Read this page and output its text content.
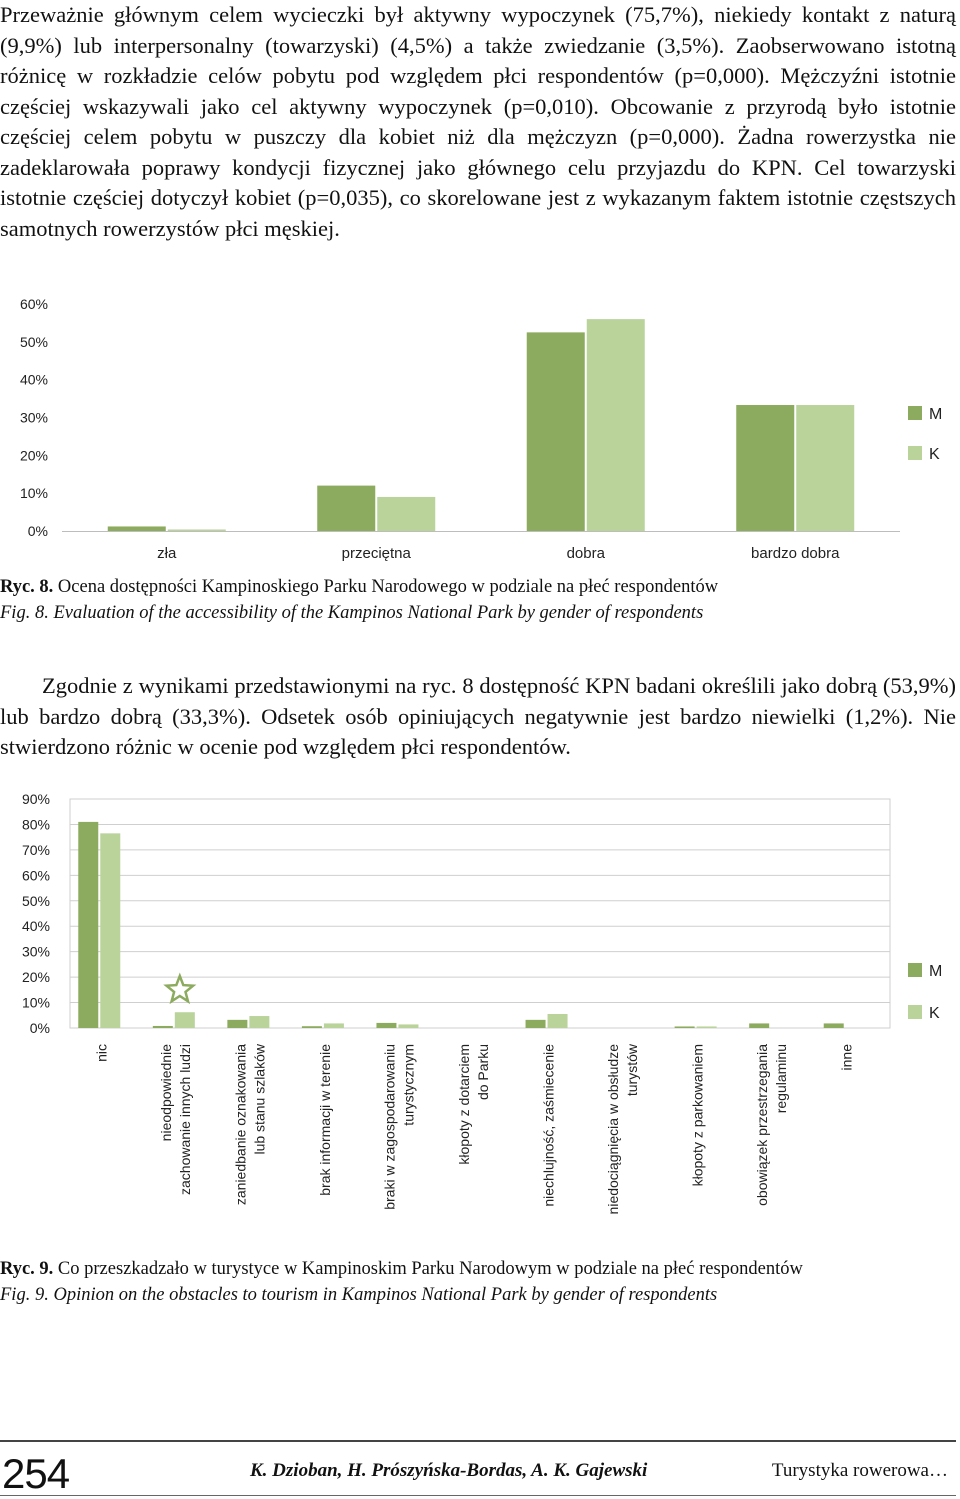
Przeważnie głównym celem wycieczki był aktywny wypoczynek (75,7%), niekiedy kontakt z naturą (9,9%) lub interpersonalny (towarzyski) (4,5%) a także zwiedzanie (3,5%). Zaobserwowano istotną różnicę w rozkładzie celów pobytu pod względem płci respondentów (p=0,000). Mężczyźni istotnie częściej wskazywali jako cel aktywny wypoczynek (p=0,010). Obcowanie z przyrodą było istotnie częściej celem pobytu w puszczy dla kobiet niż dla mężczyzn (p=0,000). Żadna rowerzystka nie zadeklarowała poprawy kondycji fizycznej jako głównego celu przyjazdu do KPN. Cel towarzyski istotnie częściej dotyczył kobiet (p=0,035), co skorelowane jest z wykazanym faktem istotnie częstszych samotnych rowerzystów płci męskiej.

0%
10%
20%
30%
40%
50%
60%
zła	przeciętna	dobra	bardzo dobra
M
K
Ryc. 8. Ocena dostępności Kampinoskiego Parku Narodowego w podziale na płeć respondentów
Fig. 8. Evaluation of the accessibility of the Kampinos National Park by gender of respondents

Zgodnie z wynikami przedstawionymi na ryc. 8 dostępność KPN badani określili jako dobrą (53,9%) lub bardzo dobrą (33,3%). Odsetek osób opiniujących negatywnie jest bardzo niewielki (1,2%). Nie stwierdzono różnic w ocenie pod względem płci respondentów.

0%
10%
20%
30%
40%
50%
60%
70%
80%
90%
nic	nieodpowiednie zachowanie innych ludzi	zaniedbanie oznakowania lub stanu szlaków	brak informacji w terenie	braki w zagospodarowaniu turystycznym	kłopoty z dotarciem do Parku	niechlujność, zaśmiecenie	niedociągnięcia w obsłudze turystów	kłopoty z parkowaniem	obowiązek przestrzegania regulaminu	inne
M
K
Ryc. 9. Co przeszkadzało w turystyce w Kampinoskim Parku Narodowym w podziale na płeć respondentów
Fig. 9. Opinion on the obstacles to tourism in Kampinos National Park by gender of respondents
254	K. Dzioban, H. Prószyńska-Bordas, A. K. Gajewski	Turystyka rowerowa…
